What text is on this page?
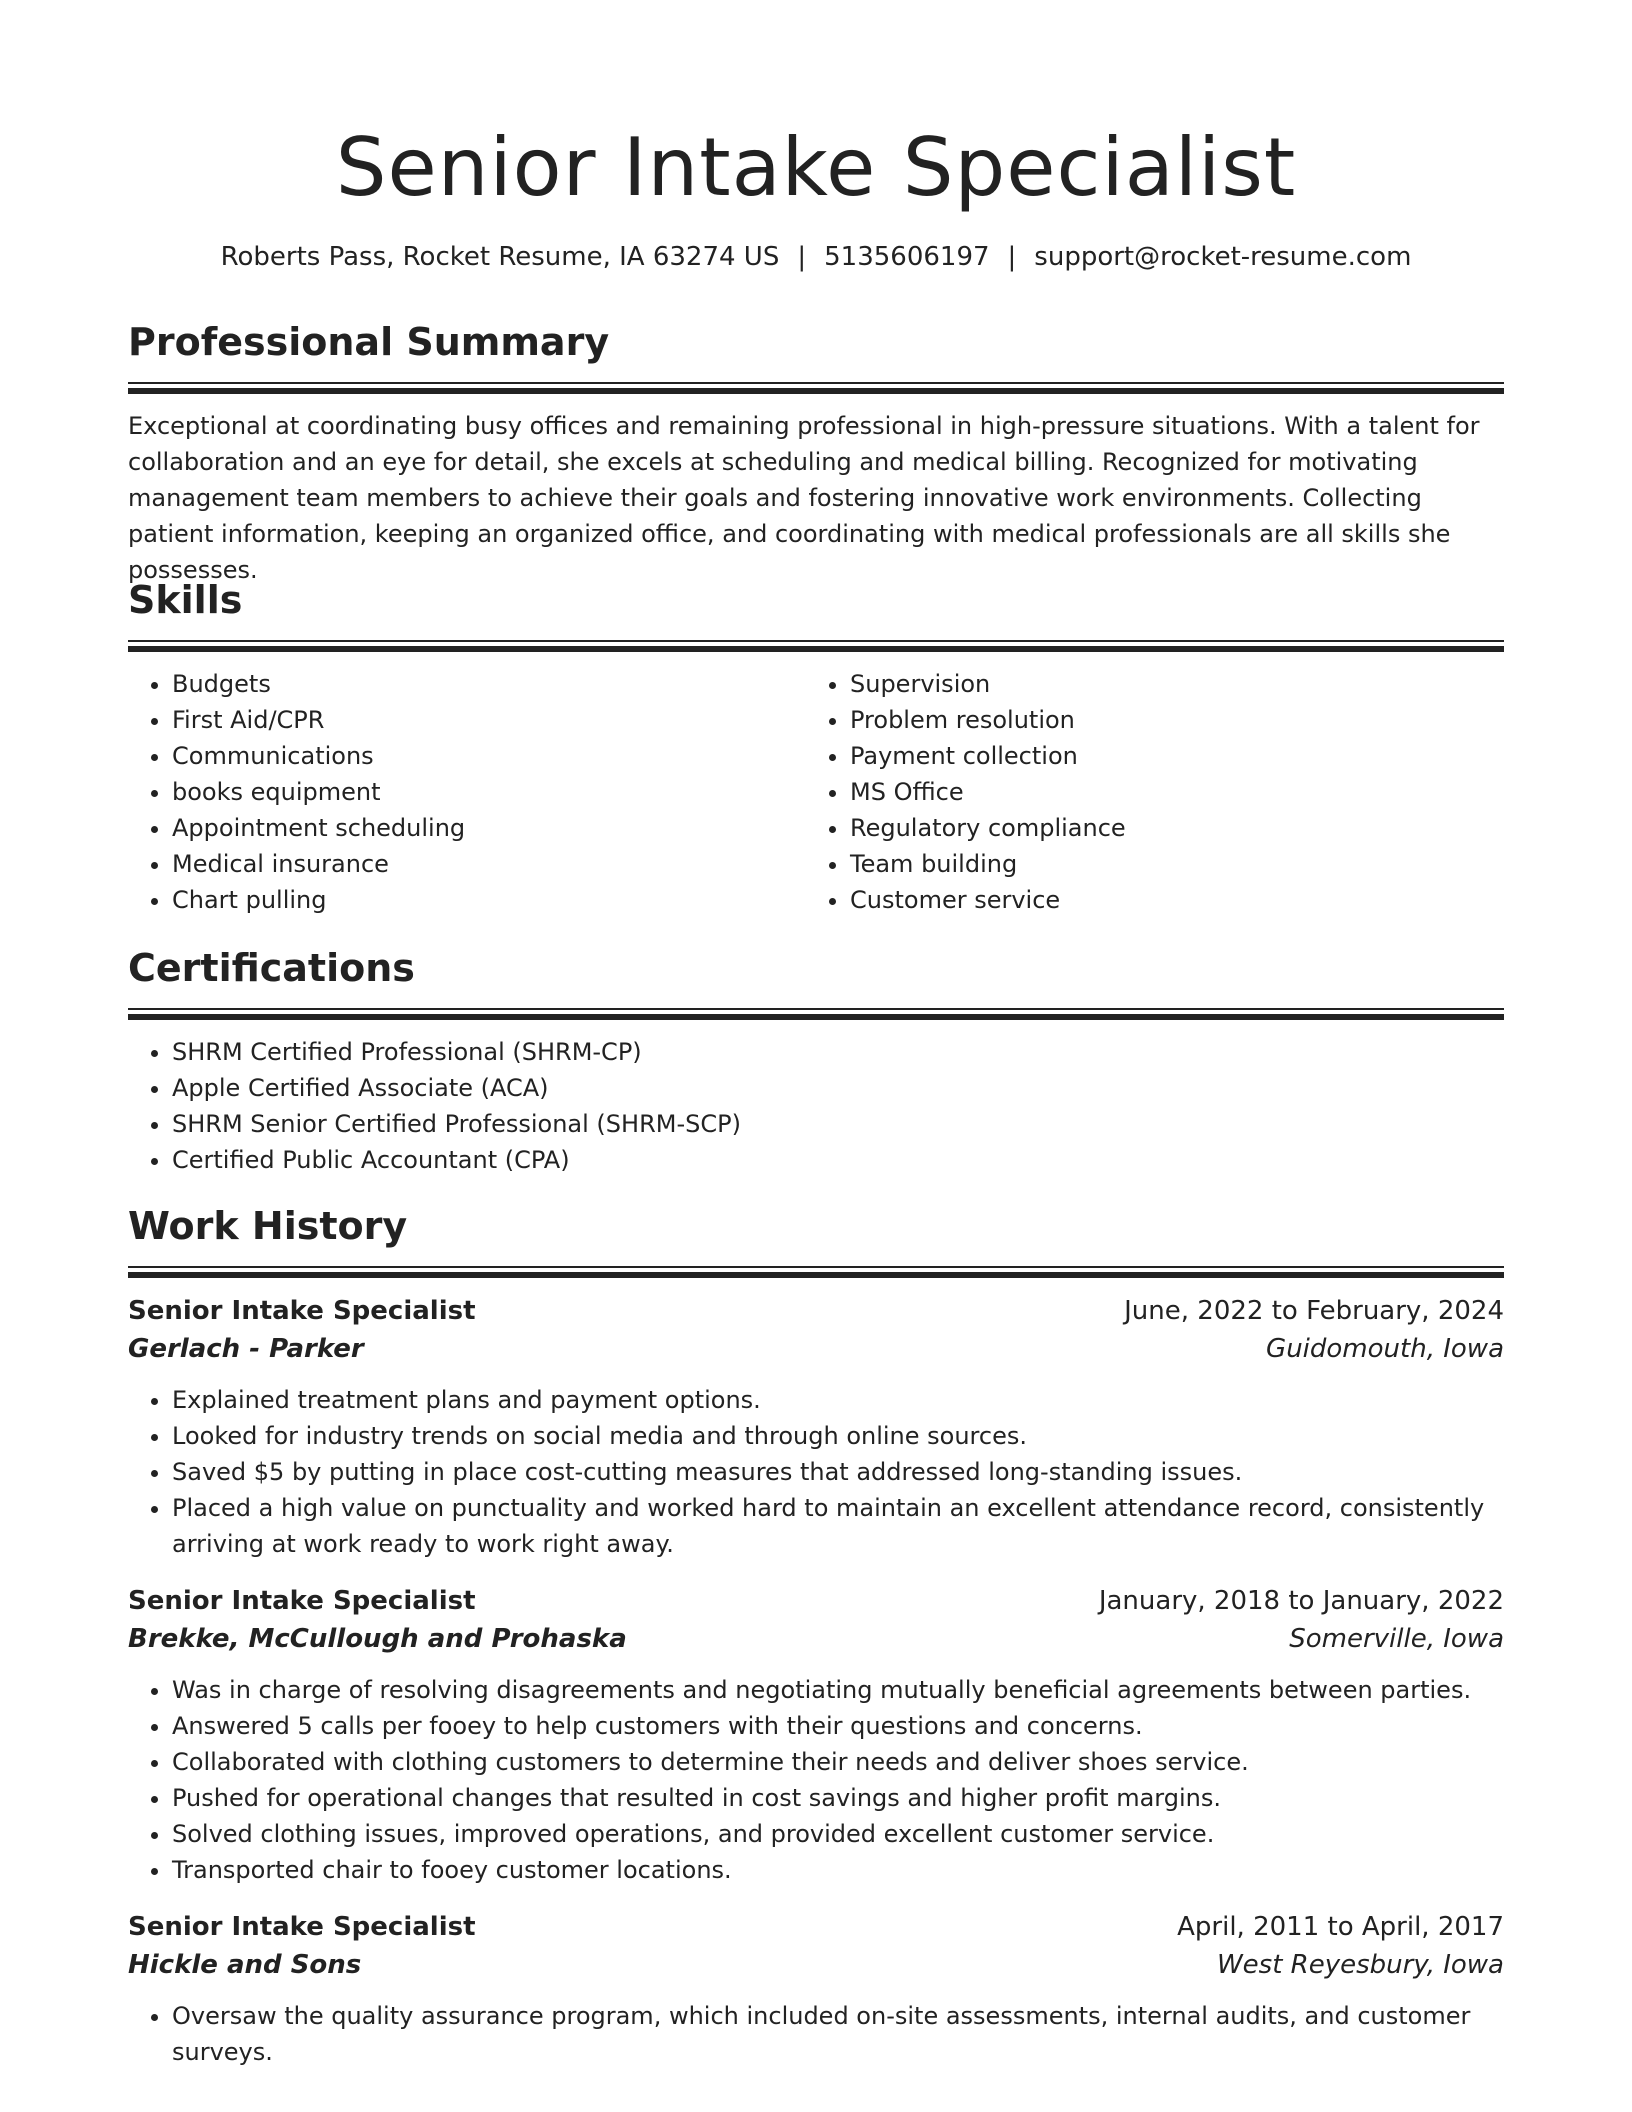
Senior Intake Specialist
Roberts Pass, Rocket Resume, IA 63274 US | 5135606197 | support@rocket-resume.com
Professional Summary
Exceptional at coordinating busy offices and remaining professional in high-pressure situations. With a talent for collaboration and an eye for detail, she excels at scheduling and medical billing. Recognized for motivating management team members to achieve their goals and fostering innovative work environments. Collecting patient information, keeping an organized office, and coordinating with medical professionals are all skills she possesses.
Skills
• Budgets
• First Aid/CPR
• Communications
• books equipment
• Appointment scheduling
• Medical insurance
• Chart pulling
• Supervision
• Problem resolution
• Payment collection
• MS Office
• Regulatory compliance
• Team building
• Customer service
Certifications
• SHRM Certified Professional (SHRM-CP)
• Apple Certified Associate (ACA)
• SHRM Senior Certified Professional (SHRM-SCP)
• Certified Public Accountant (CPA)
Work History
Senior Intake Specialist	June, 2022 to February, 2024
Gerlach - Parker	Guidomouth, Iowa
• Explained treatment plans and payment options.
• Looked for industry trends on social media and through online sources.
• Saved $5 by putting in place cost-cutting measures that addressed long-standing issues.
• Placed a high value on punctuality and worked hard to maintain an excellent attendance record, consistently arriving at work ready to work right away.
Senior Intake Specialist	January, 2018 to January, 2022
Brekke, McCullough and Prohaska	Somerville, Iowa
• Was in charge of resolving disagreements and negotiating mutually beneficial agreements between parties.
• Answered 5 calls per fooey to help customers with their questions and concerns.
• Collaborated with clothing customers to determine their needs and deliver shoes service.
• Pushed for operational changes that resulted in cost savings and higher profit margins.
• Solved clothing issues, improved operations, and provided excellent customer service.
• Transported chair to fooey customer locations.
Senior Intake Specialist	April, 2011 to April, 2017
Hickle and Sons	West Reyesbury, Iowa
• Oversaw the quality assurance program, which included on-site assessments, internal audits, and customer surveys.
